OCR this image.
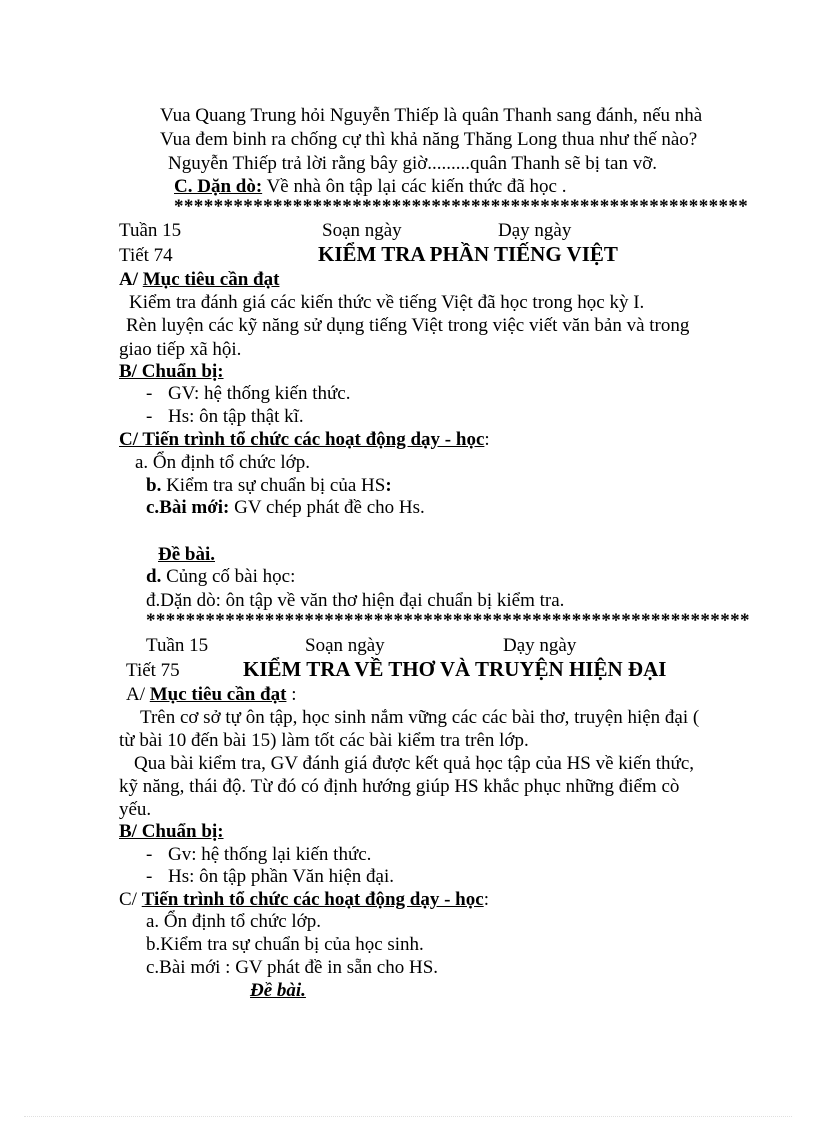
Vua Quang Trung hỏi Nguyễn Thiếp là quân Thanh sang đánh, nếu nhà
Vua đem binh ra chống cự thì khả năng Thăng Long thua như thế nào?
Nguyễn Thiếp trả lời rằng bây giờ.........quân Thanh sẽ bị tan vỡ.
C. Dặn dò: Về nhà ôn tập lại các kiến thức đã học .
**********************************************************
Tuần 15	Soạn ngày	Dạy ngày
Tiết 74	KIỂM TRA PHẦN TIẾNG VIỆT
A/ Mục tiêu cần đạt
Kiểm tra đánh giá các kiến thức về tiếng Việt đã học trong học kỳ I.
Rèn luyện các kỹ năng sử dụng tiếng Việt trong việc viết văn bản và trong
giao tiếp xã hội.
B/ Chuẩn bị:
- GV: hệ thống kiến thức.
- Hs: ôn tập thật kĩ.
C/ Tiến trình tổ chức các hoạt động dạy - học:
a. Ổn định tổ chức lớp.
b. Kiểm tra sự chuẩn bị của HS:
c.Bài mới: GV chép phát đề cho Hs.
Đề bài.
d. Củng cố bài học:
đ.Dặn dò: ôn tập về văn thơ hiện đại chuẩn bị kiểm tra.
*************************************************************
Tuần 15	Soạn ngày	Dạy ngày
Tiết 75	KIỂM TRA VỀ THƠ VÀ TRUYỆN HIỆN ĐẠI
A/ Mục tiêu cần đạt :
Trên cơ sở tự ôn tập, học sinh nắm vững các các bài thơ, truyện hiện đại (
từ bài 10 đến bài 15) làm tốt các bài kiểm tra trên lớp.
Qua bài kiểm tra, GV đánh giá được kết quả học tập của HS về kiến thức,
kỹ năng, thái độ. Từ đó có định hướng giúp HS khắc phục những điểm cò
yếu.
B/ Chuẩn bị:
- Gv: hệ thống lại kiến thức.
- Hs: ôn tập phần Văn hiện đại.
C/ Tiến trình tổ chức các hoạt động dạy - học:
a. Ổn định tổ chức lớp.
b.Kiểm tra sự chuẩn bị của học sinh.
c.Bài mới : GV phát đề in sẵn cho HS.
Đề bài.
